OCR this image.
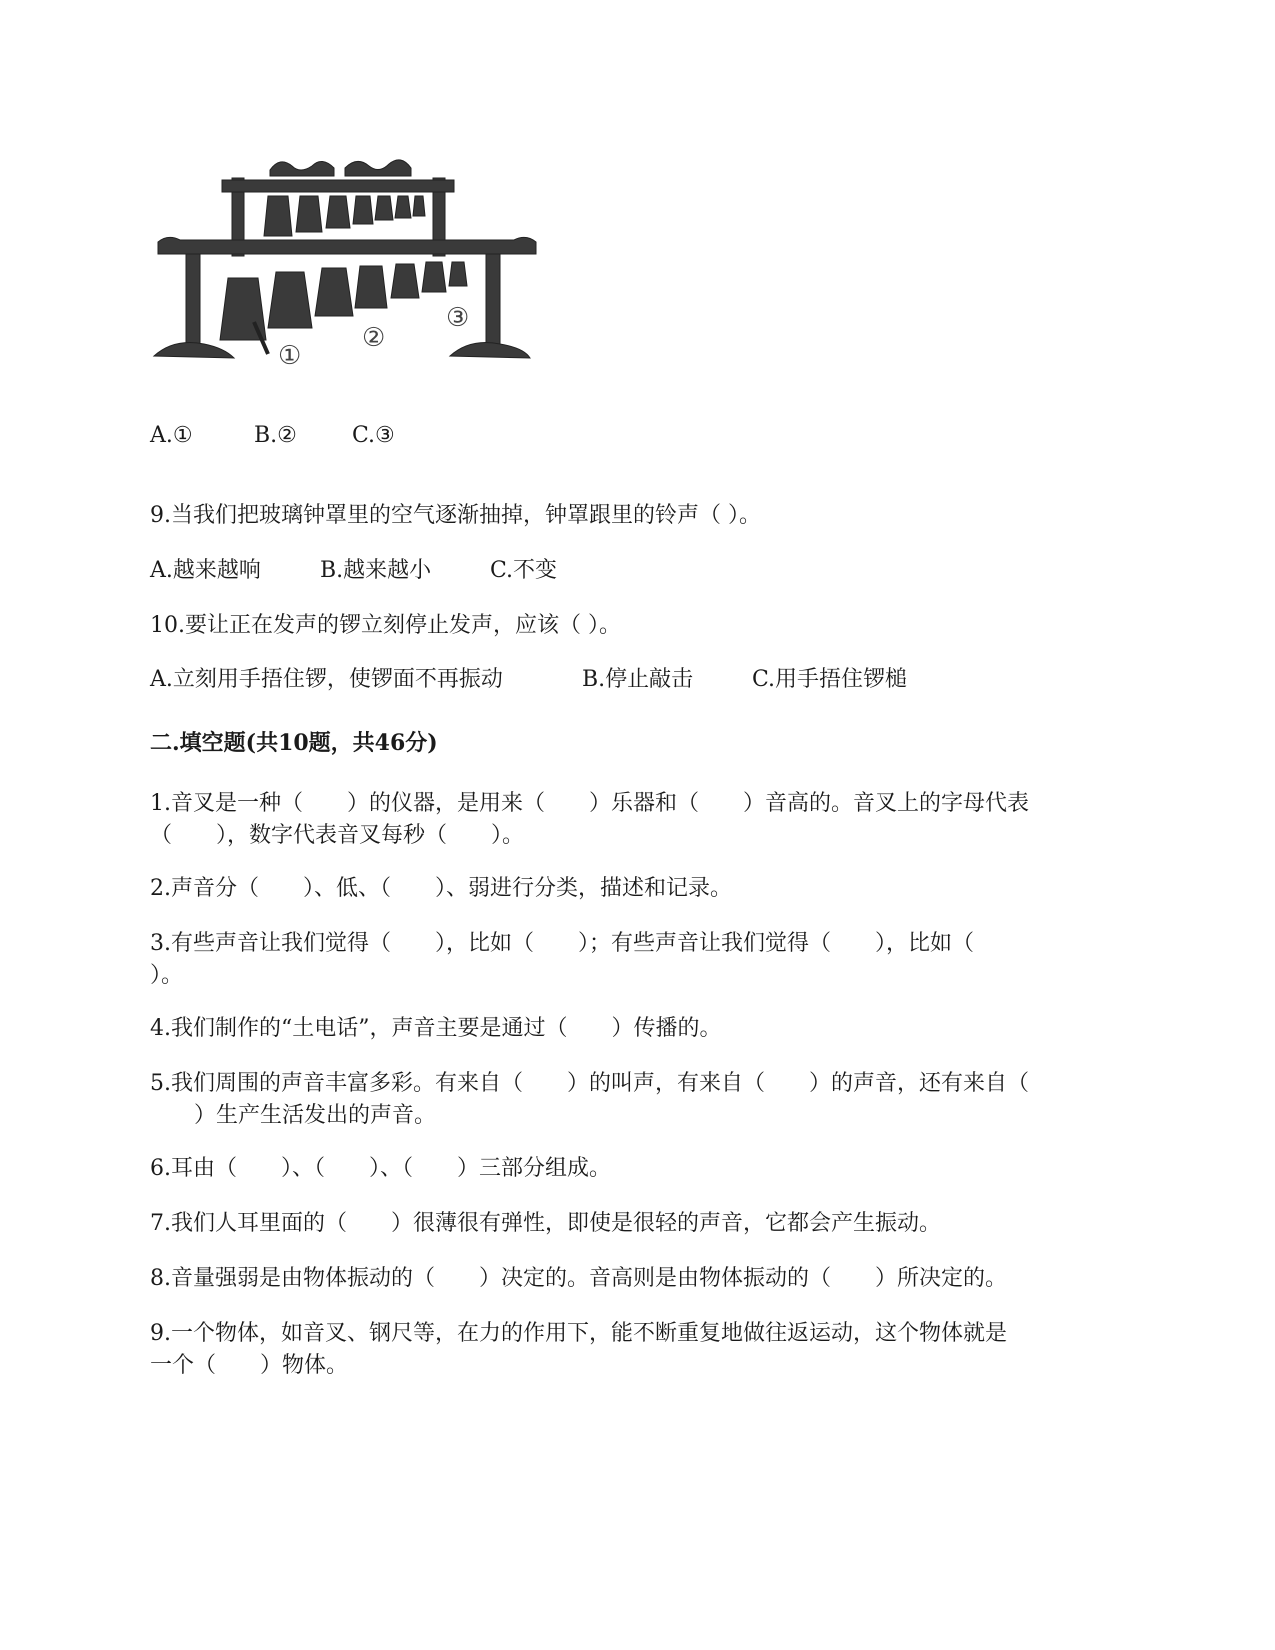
①
②
③
A.①	B.②	C.③
9.当我们把玻璃钟罩里的空气逐渐抽掉，钟罩跟里的铃声（ ）。
A.越来越响	B.越来越小	C.不变
10.要让正在发声的锣立刻停止发声，应该（ ）。
A.立刻用手捂住锣，使锣面不再振动	B.停止敲击	C.用手捂住锣槌
二.填空题(共10题，共46分)
1.音叉是一种（　　）的仪器，是用来（　　）乐器和（　　）音高的。音叉上的字母代表
（　　），数字代表音叉每秒（　　）。
2.声音分（　　）、低、（　　）、弱进行分类，描述和记录。
3.有些声音让我们觉得（　　），比如（　　）；有些声音让我们觉得（　　），比如（
）。
4.我们制作的“土电话”，声音主要是通过（　　）传播的。
5.我们周围的声音丰富多彩。有来自（　　）的叫声，有来自（　　）的声音，还有来自（
　　）生产生活发出的声音。
6.耳由（　　）、（　　）、（　　）三部分组成。
7.我们人耳里面的（　　）很薄很有弹性，即使是很轻的声音，它都会产生振动。
8.音量强弱是由物体振动的（　　）决定的。音高则是由物体振动的（　　）所决定的。
9.一个物体，如音叉、钢尺等，在力的作用下，能不断重复地做往返运动，这个物体就是
一个（　　）物体。
